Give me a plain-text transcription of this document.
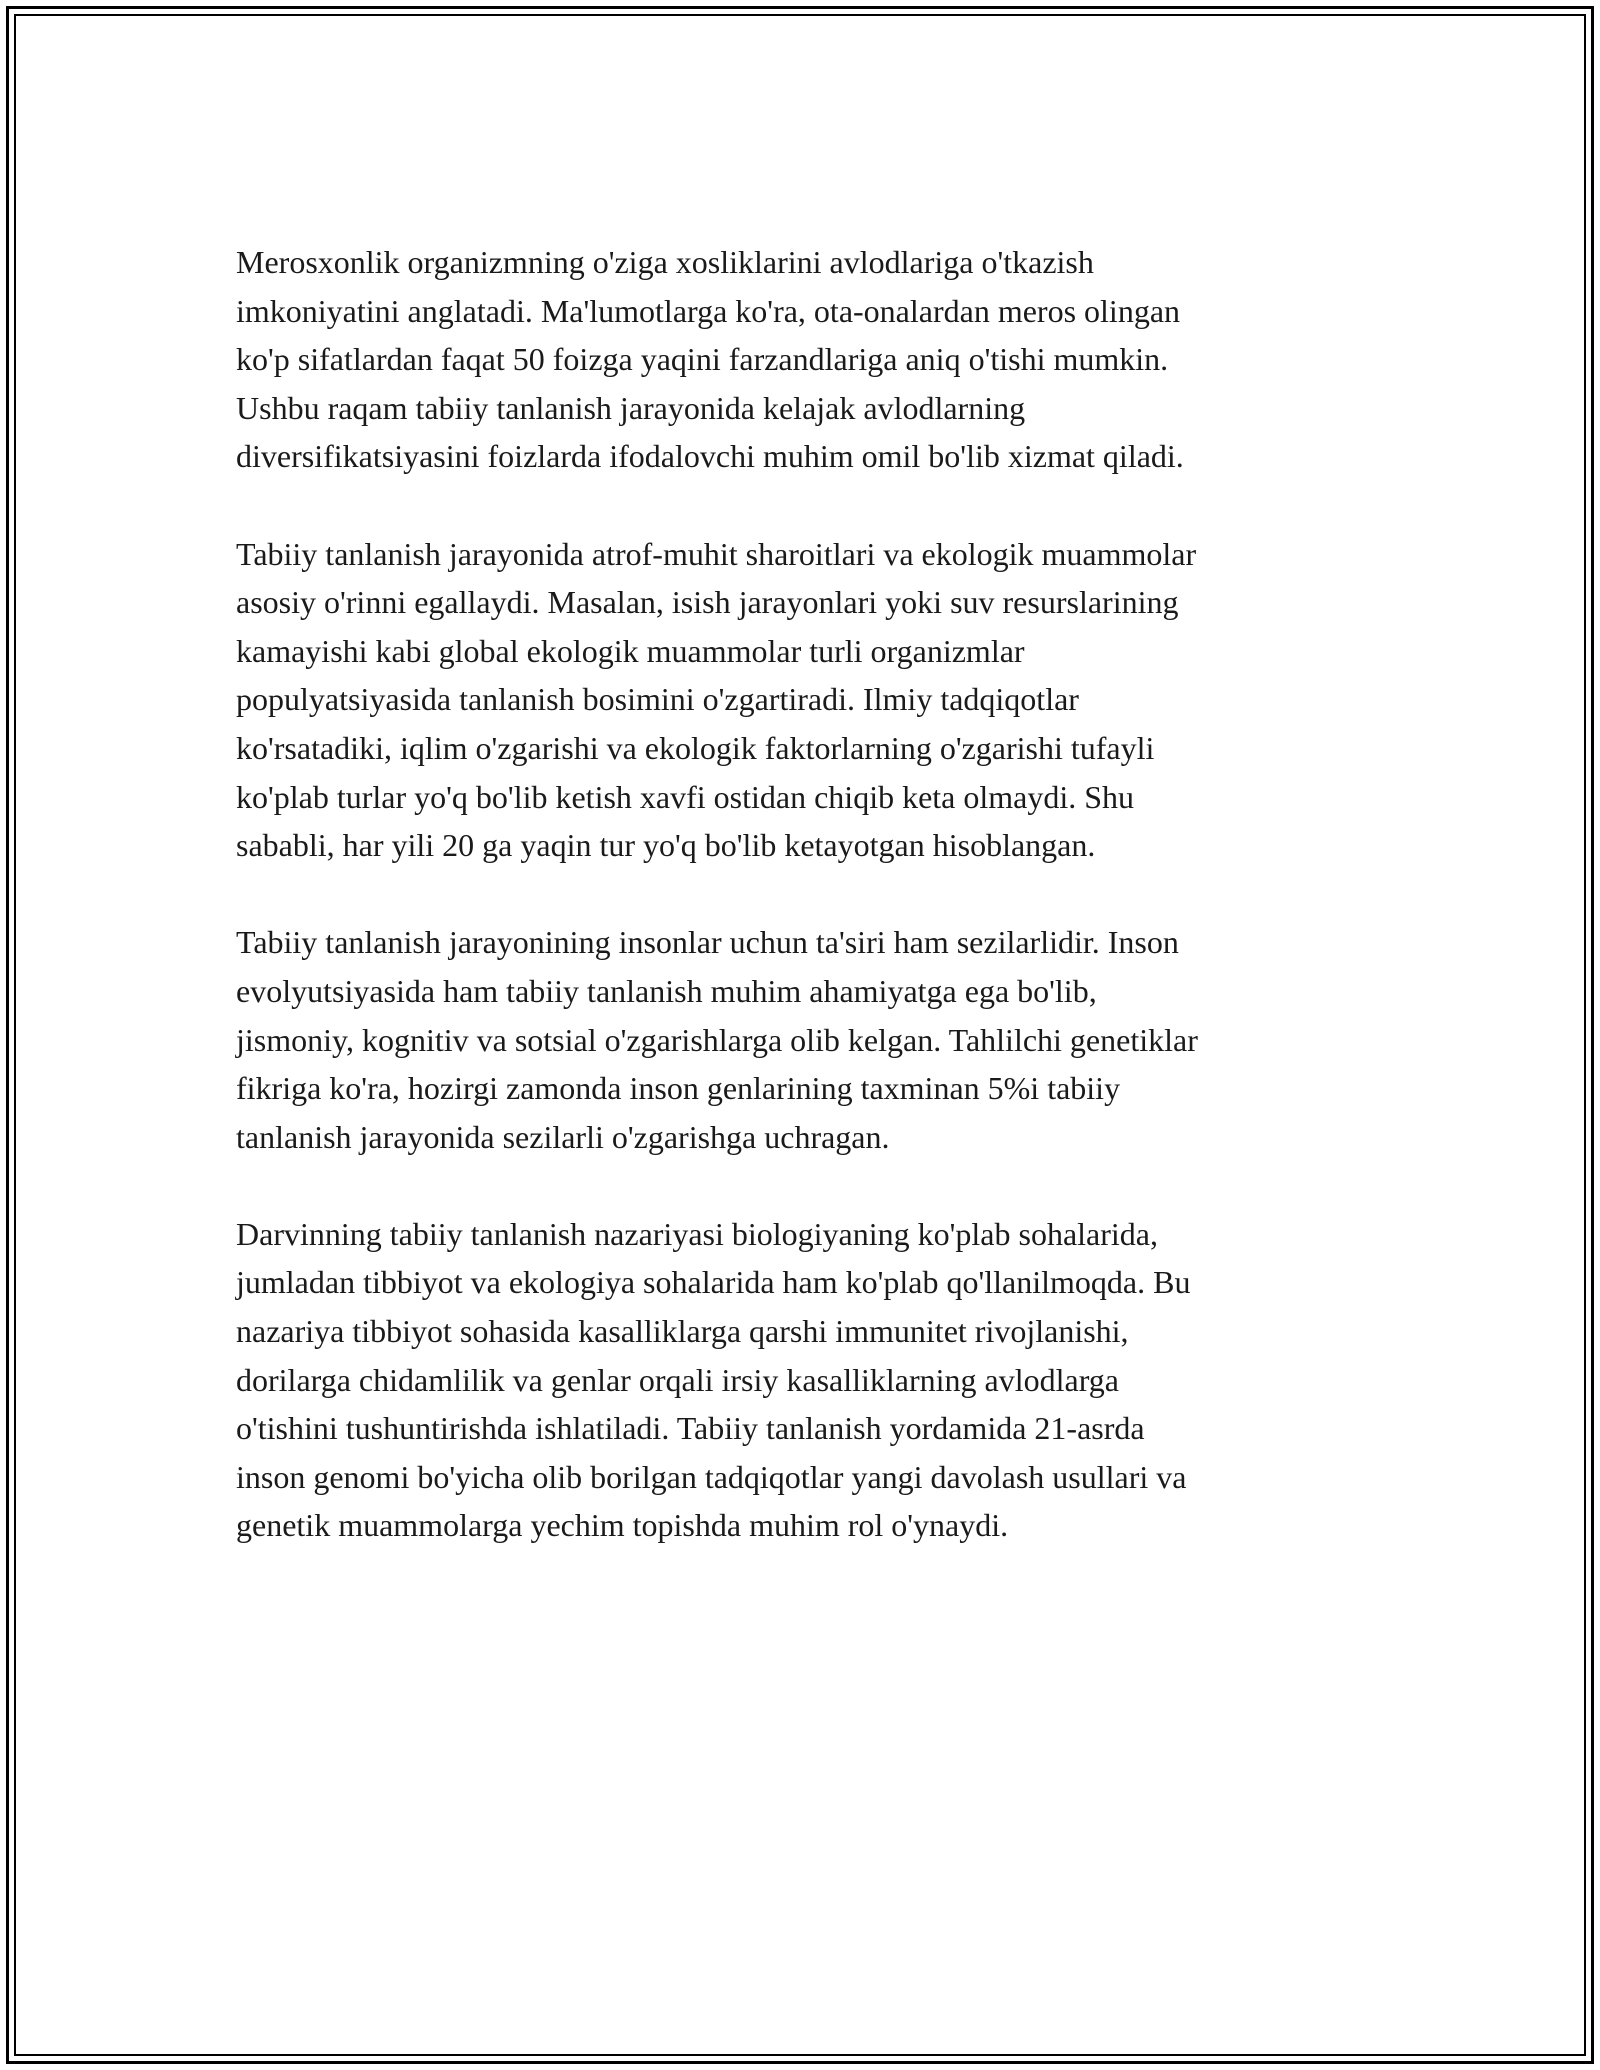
Merosxonlik organizmning o'ziga xosliklarini avlodlariga o'tkazish
imkoniyatini anglatadi. Ma'lumotlarga ko'ra, ota-onalardan meros olingan
ko'p sifatlardan faqat 50 foizga yaqini farzandlariga aniq o'tishi mumkin.
Ushbu raqam tabiiy tanlanish jarayonida kelajak avlodlarning
diversifikatsiyasini foizlarda ifodalovchi muhim omil bo'lib xizmat qiladi.

Tabiiy tanlanish jarayonida atrof-muhit sharoitlari va ekologik muammolar
asosiy o'rinni egallaydi. Masalan, isish jarayonlari yoki suv resurslarining
kamayishi kabi global ekologik muammolar turli organizmlar
populyatsiyasida tanlanish bosimini o'zgartiradi. Ilmiy tadqiqotlar
ko'rsatadiki, iqlim o'zgarishi va ekologik faktorlarning o'zgarishi tufayli
ko'plab turlar yo'q bo'lib ketish xavfi ostidan chiqib keta olmaydi. Shu
sababli, har yili 20 ga yaqin tur yo'q bo'lib ketayotgan hisoblangan.

Tabiiy tanlanish jarayonining insonlar uchun ta'siri ham sezilarlidir. Inson
evolyutsiyasida ham tabiiy tanlanish muhim ahamiyatga ega bo'lib,
jismoniy, kognitiv va sotsial o'zgarishlarga olib kelgan. Tahlilchi genetiklar
fikriga ko'ra, hozirgi zamonda inson genlarining taxminan 5%i tabiiy
tanlanish jarayonida sezilarli o'zgarishga uchragan.

Darvinning tabiiy tanlanish nazariyasi biologiyaning ko'plab sohalarida,
jumladan tibbiyot va ekologiya sohalarida ham ko'plab qo'llanilmoqda. Bu
nazariya tibbiyot sohasida kasalliklarga qarshi immunitet rivojlanishi,
dorilarga chidamlilik va genlar orqali irsiy kasalliklarning avlodlarga
o'tishini tushuntirishda ishlatiladi. Tabiiy tanlanish yordamida 21-asrda
inson genomi bo'yicha olib borilgan tadqiqotlar yangi davolash usullari va
genetik muammolarga yechim topishda muhim rol o'ynaydi.
